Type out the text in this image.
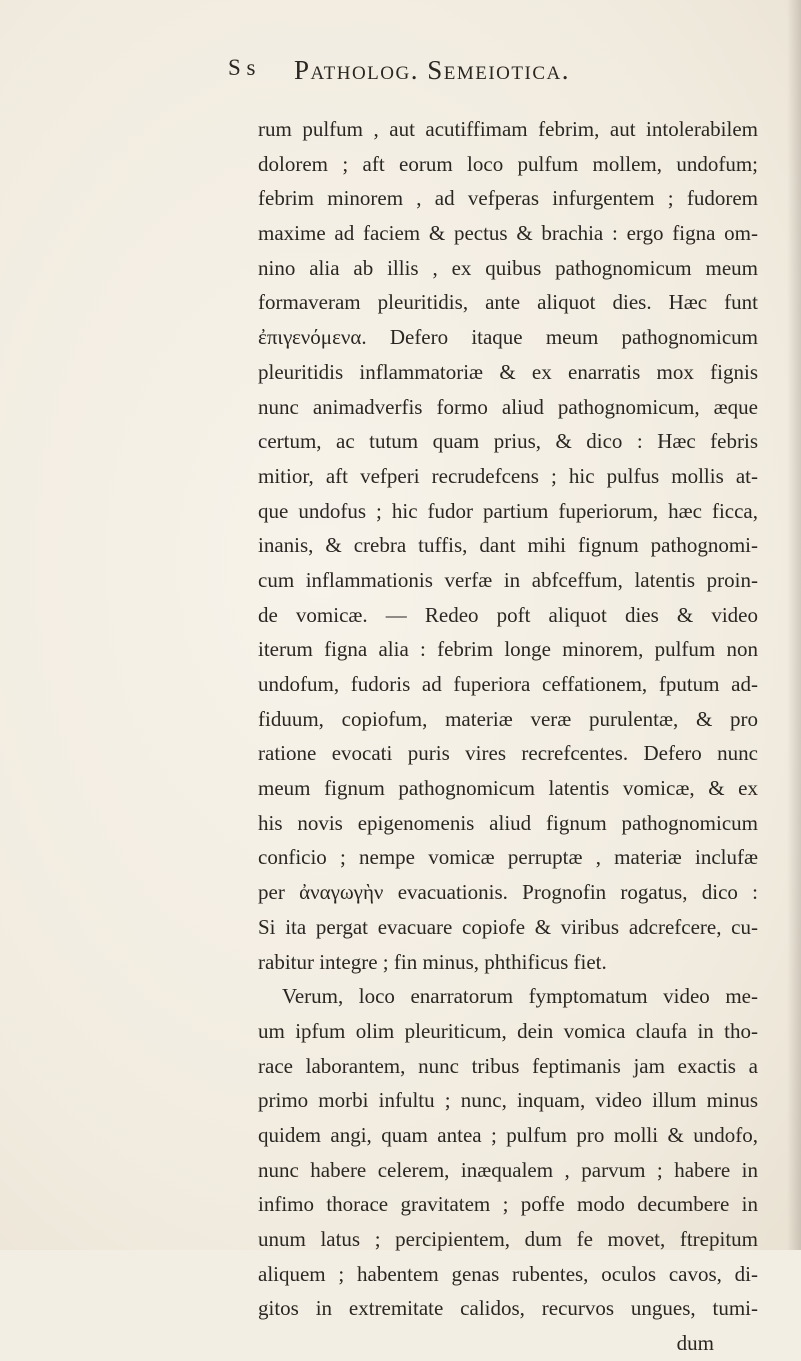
S s Patholog. Semeiotica.
rum pulfum , aut acutiffimam febrim, aut intolerabilem
dolorem ; aft eorum loco pulfum mollem, undofum;
febrim minorem , ad vefperas infurgentem ; fudorem
maxime ad faciem & pectus & brachia : ergo figna om-
nino alia ab illis , ex quibus pathognomicum meum
formaveram pleuritidis, ante aliquot dies. Hæc funt
ἐπιγενόμενα. Defero itaque meum pathognomicum
pleuritidis inflammatoriæ & ex enarratis mox fignis
nunc animadverfis formo aliud pathognomicum, æque
certum, ac tutum quam prius, & dico : Hæc febris
mitior, aft vefperi recrudefcens ; hic pulfus mollis at-
que undofus ; hic fudor partium fuperiorum, hæc ficca,
inanis, & crebra tuffis, dant mihi fignum pathognomi-
cum inflammationis verfæ in abfceffum, latentis proin-
de vomicæ. — Redeo poft aliquot dies & video
iterum figna alia : febrim longe minorem, pulfum non
undofum, fudoris ad fuperiora ceffationem, fputum ad-
fiduum, copiofum, materiæ veræ purulentæ, & pro
ratione evocati puris vires recrefcentes. Defero nunc
meum fignum pathognomicum latentis vomicæ, & ex
his novis epigenomenis aliud fignum pathognomicum
conficio ; nempe vomicæ perruptæ , materiæ inclufæ
per ἀναγωγὴν evacuationis. Prognofin rogatus, dico :
Si ita pergat evacuare copiofe & viribus adcrefcere, cu-
rabitur integre ; fin minus, phthificus fiet.
Verum, loco enarratorum fymptomatum video me-
um ipfum olim pleuriticum, dein vomica claufa in tho-
race laborantem, nunc tribus feptimanis jam exactis a
primo morbi infultu ; nunc, inquam, video illum minus
quidem angi, quam antea ; pulfum pro molli & undofo,
nunc habere celerem, inæqualem , parvum ; habere in
infimo thorace gravitatem ; poffe modo decumbere in
unum latus ; percipientem, dum fe movet, ftrepitum
aliquem ; habentem genas rubentes, oculos cavos, di-
gitos in extremitate calidos, recurvos ungues, tumi-
dum
